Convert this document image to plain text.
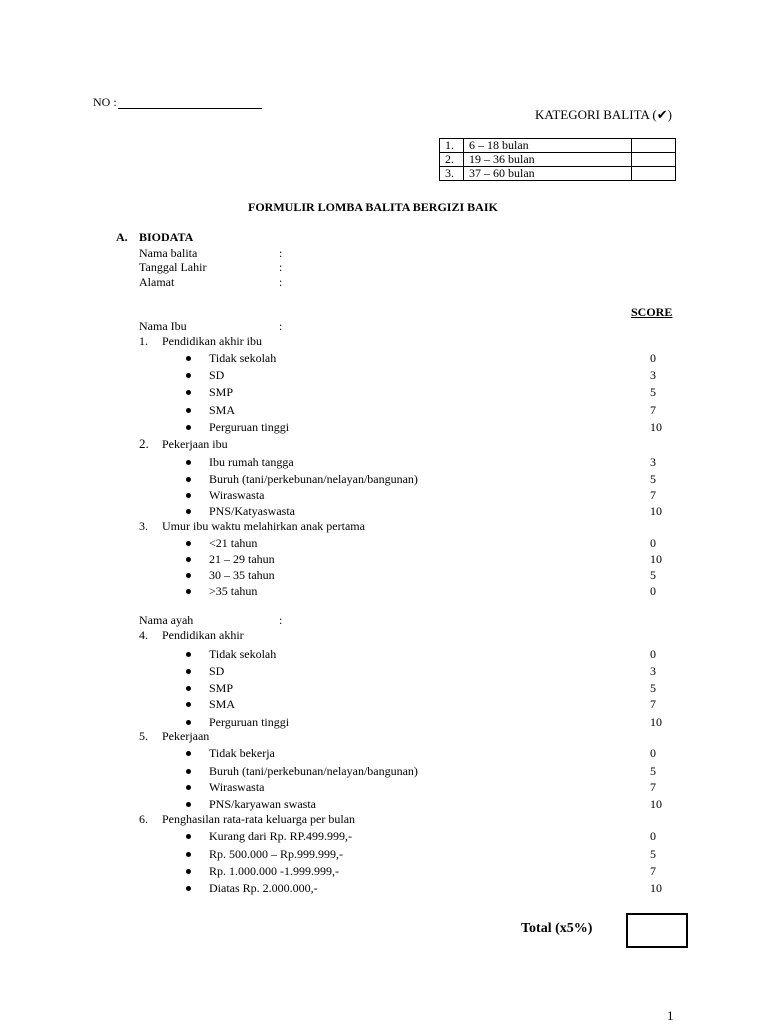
NO :
KATEGORI BALITA (✔)
1.	6 – 18 bulan	
2.	19 – 36 bulan	
3.	37 – 60 bulan	
FORMULIR LOMBA BALITA BERGIZI BAIK
A. BIODATA
Nama balita	:
Tanggal Lahir	:
Alamat	:
SCORE
Nama Ibu	:
1. Pendidikan akhir ibu
Tidak sekolah	0
SD	3
SMP	5
SMA	7
Perguruan tinggi	10
2. Pekerjaan ibu
Ibu rumah tangga	3
Buruh (tani/perkebunan/nelayan/bangunan)	5
Wiraswasta	7
PNS/Katyaswasta	10
3. Umur ibu waktu melahirkan anak pertama
<21 tahun	0
21 – 29 tahun	10
30 – 35 tahun	5
>35 tahun	0
Nama ayah	:
4. Pendidikan akhir
Tidak sekolah	0
SD	3
SMP	5
SMA	7
Perguruan tinggi	10
5. Pekerjaan
Tidak bekerja	0
Buruh (tani/perkebunan/nelayan/bangunan)	5
Wiraswasta	7
PNS/karyawan swasta	10
6. Penghasilan rata-rata keluarga per bulan
Kurang dari Rp. RP.499.999,-	0
Rp. 500.000 – Rp.999.999,-	5
Rp. 1.000.000 -1.999.999,-	7
Diatas Rp. 2.000.000,-	10
Total (x5%)
1
